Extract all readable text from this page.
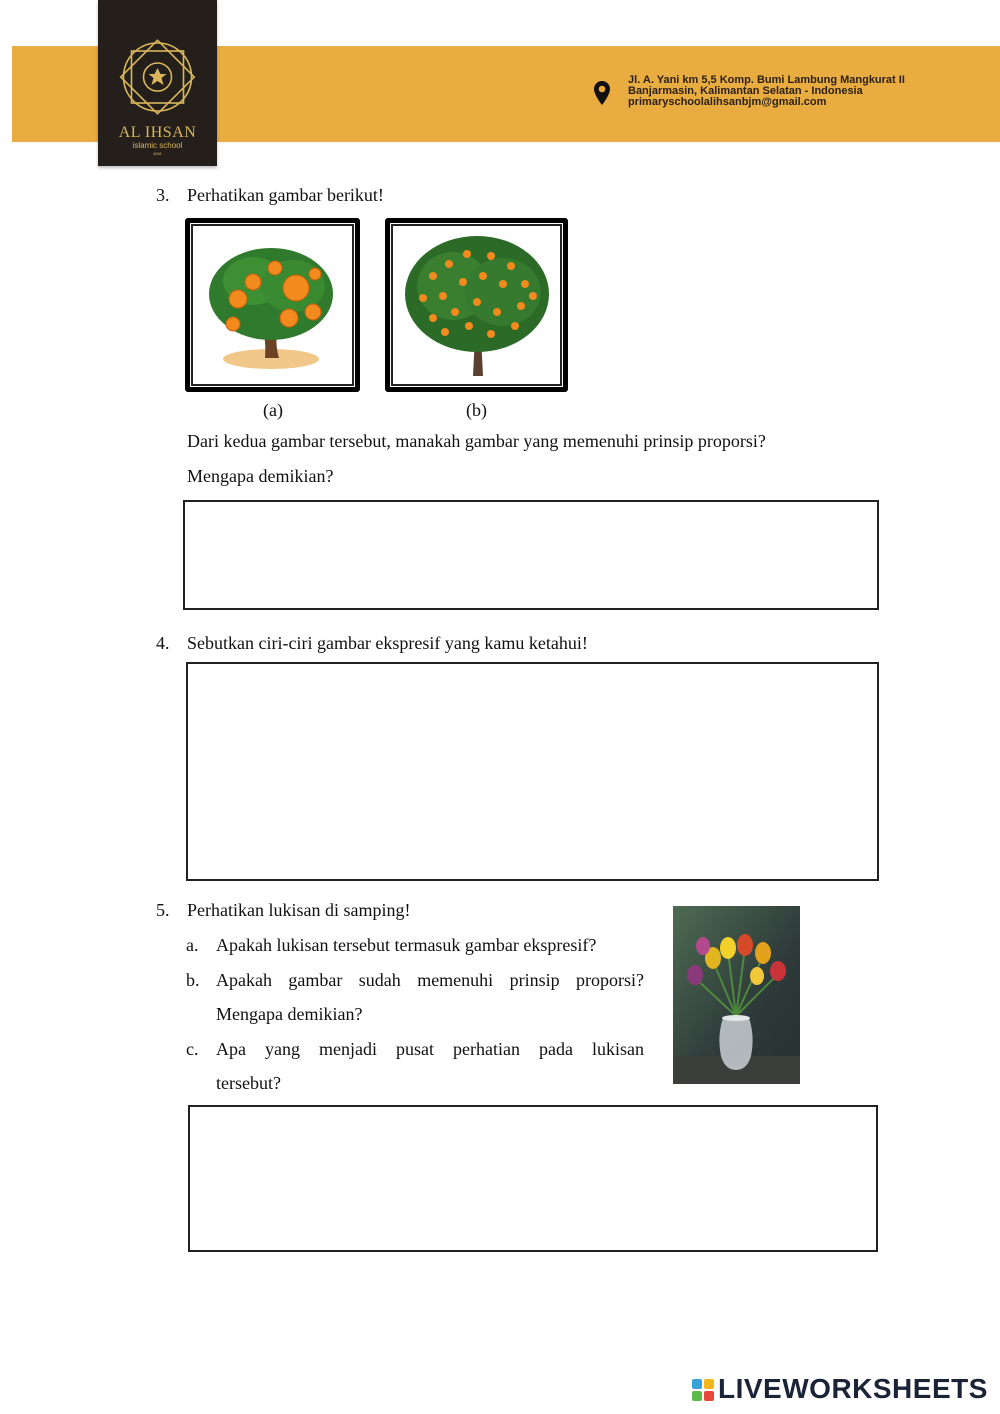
AL IHSAN
islamic school
BJM
Jl. A. Yani km 5,5 Komp. Bumi Lambung Mangkurat II
Banjarmasin, Kalimantan Selatan - Indonesia
primaryschoolalihsanbjm@gmail.com
3. Perhatikan gambar berikut!
(a)	(b)
Dari kedua gambar tersebut, manakah gambar yang memenuhi prinsip proporsi?
Mengapa demikian?
4. Sebutkan ciri-ciri gambar ekspresif yang kamu ketahui!
5. Perhatikan lukisan di samping!
a. Apakah lukisan tersebut termasuk gambar ekspresif?
b. Apakah gambar sudah memenuhi prinsip proporsi?
Mengapa demikian?
c. Apa yang menjadi pusat perhatian pada lukisan
tersebut?
LIVEWORKSHEETS
